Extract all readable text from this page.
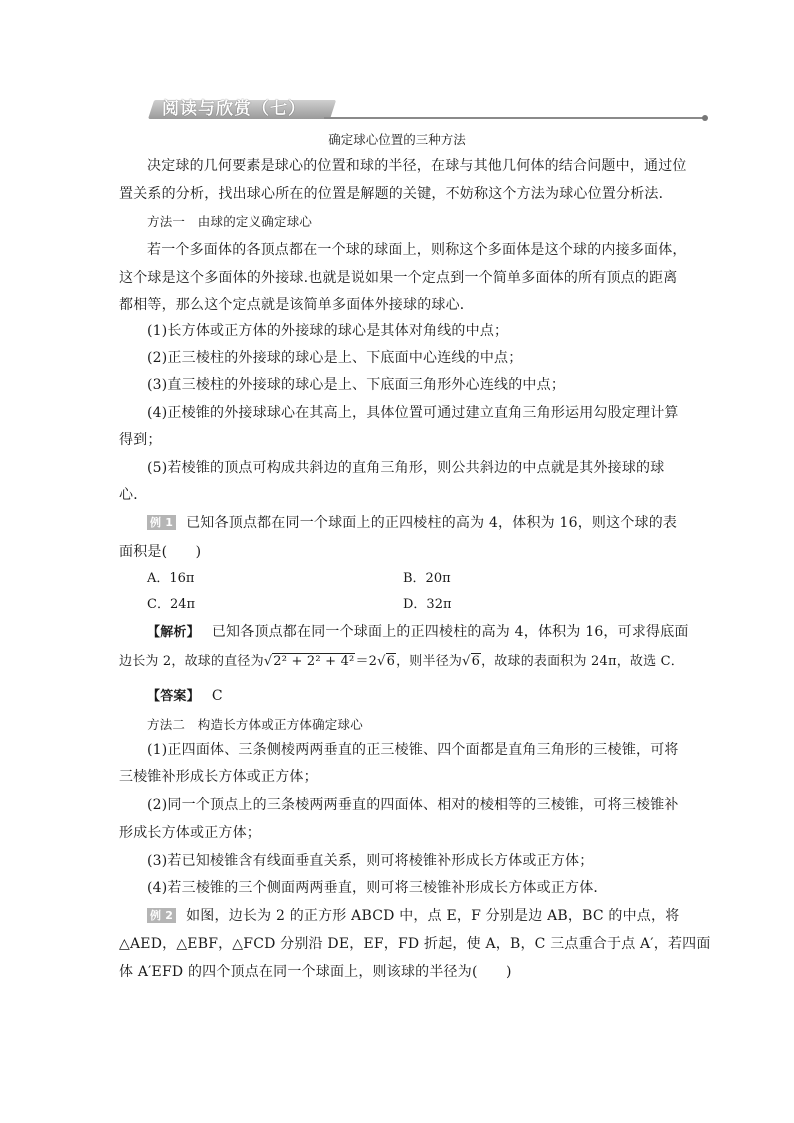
阅读与欣赏（七）
确定球心位置的三种方法
决定球的几何要素是球心的位置和球的半径，在球与其他几何体的结合问题中，通过位
置关系的分析，找出球心所在的位置是解题的关键，不妨称这个方法为球心位置分析法．
方法一　由球的定义确定球心
若一个多面体的各顶点都在一个球的球面上，则称这个多面体是这个球的内接多面体，
这个球是这个多面体的外接球.也就是说如果一个定点到一个简单多面体的所有顶点的距离
都相等，那么这个定点就是该简单多面体外接球的球心．
(1)长方体或正方体的外接球的球心是其体对角线的中点；
(2)正三棱柱的外接球的球心是上、下底面中心连线的中点；
(3)直三棱柱的外接球的球心是上、下底面三角形外心连线的中点；
(4)正棱锥的外接球球心在其高上，具体位置可通过建立直角三角形运用勾股定理计算
得到；
(5)若棱锥的顶点可构成共斜边的直角三角形，则公共斜边的中点就是其外接球的球
心．
例 1 已知各顶点都在同一个球面上的正四棱柱的高为 4，体积为 16，则这个球的表
面积是(　　)
A．16π	B．20π
C．24π	D．32π
【解析】 已知各顶点都在同一个球面上的正四棱柱的高为 4，体积为 16，可求得底面
边长为 2，故球的直径为√2² + 2² + 4²＝2√6，则半径为√6，故球的表面积为 24π，故选 C．
【答案】 C
方法二　构造长方体或正方体确定球心
(1)正四面体、三条侧棱两两垂直的正三棱锥、四个面都是直角三角形的三棱锥，可将
三棱锥补形成长方体或正方体；
(2)同一个顶点上的三条棱两两垂直的四面体、相对的棱相等的三棱锥，可将三棱锥补
形成长方体或正方体；
(3)若已知棱锥含有线面垂直关系，则可将棱锥补形成长方体或正方体；
(4)若三棱锥的三个侧面两两垂直，则可将三棱锥补形成长方体或正方体．
例 2 如图，边长为 2 的正方形 ABCD 中，点 E，F 分别是边 AB，BC 的中点，将
△AED，△EBF，△FCD 分别沿 DE，EF，FD 折起，使 A，B，C 三点重合于点 A′，若四面
体 A′EFD 的四个顶点在同一个球面上，则该球的半径为(　　)
